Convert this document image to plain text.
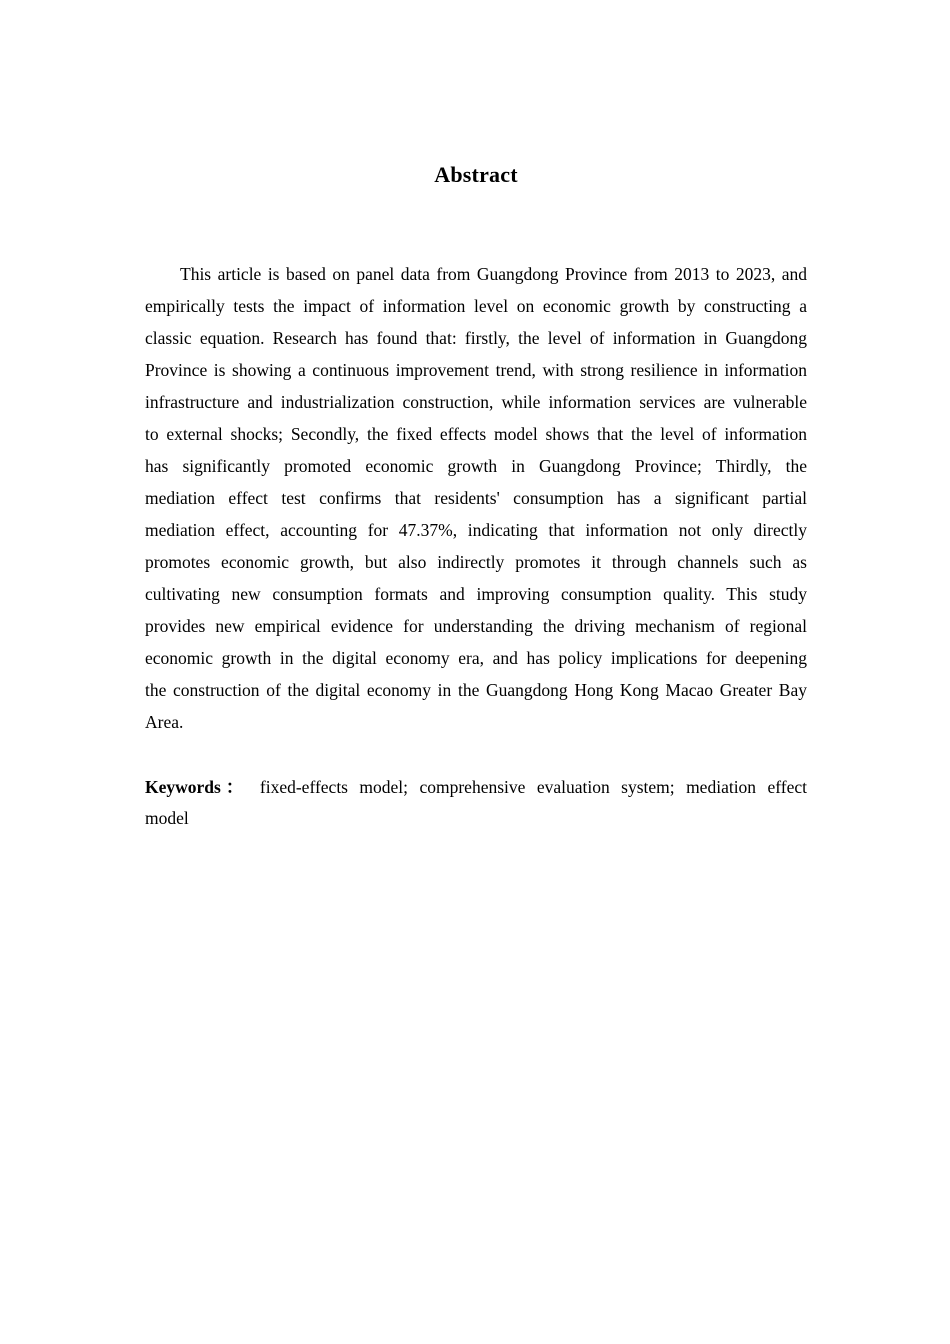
Abstract

This article is based on panel data from Guangdong Province from 2013 to 2023, and empirically tests the impact of information level on economic growth by constructing a classic equation. Research has found that: firstly, the level of information in Guangdong Province is showing a continuous improvement trend, with strong resilience in information infrastructure and industrialization construction, while information services are vulnerable to external shocks; Secondly, the fixed effects model shows that the level of information has significantly promoted economic growth in Guangdong Province; Thirdly, the mediation effect test confirms that residents' consumption has a significant partial mediation effect, accounting for 47.37%, indicating that information not only directly promotes economic growth, but also indirectly promotes it through channels such as cultivating new consumption formats and improving consumption quality. This study provides new empirical evidence for understanding the driving mechanism of regional economic growth in the digital economy era, and has policy implications for deepening the construction of the digital economy in the Guangdong Hong Kong Macao Greater Bay Area.

Keywords： fixed-effects model; comprehensive evaluation system; mediation effect model
